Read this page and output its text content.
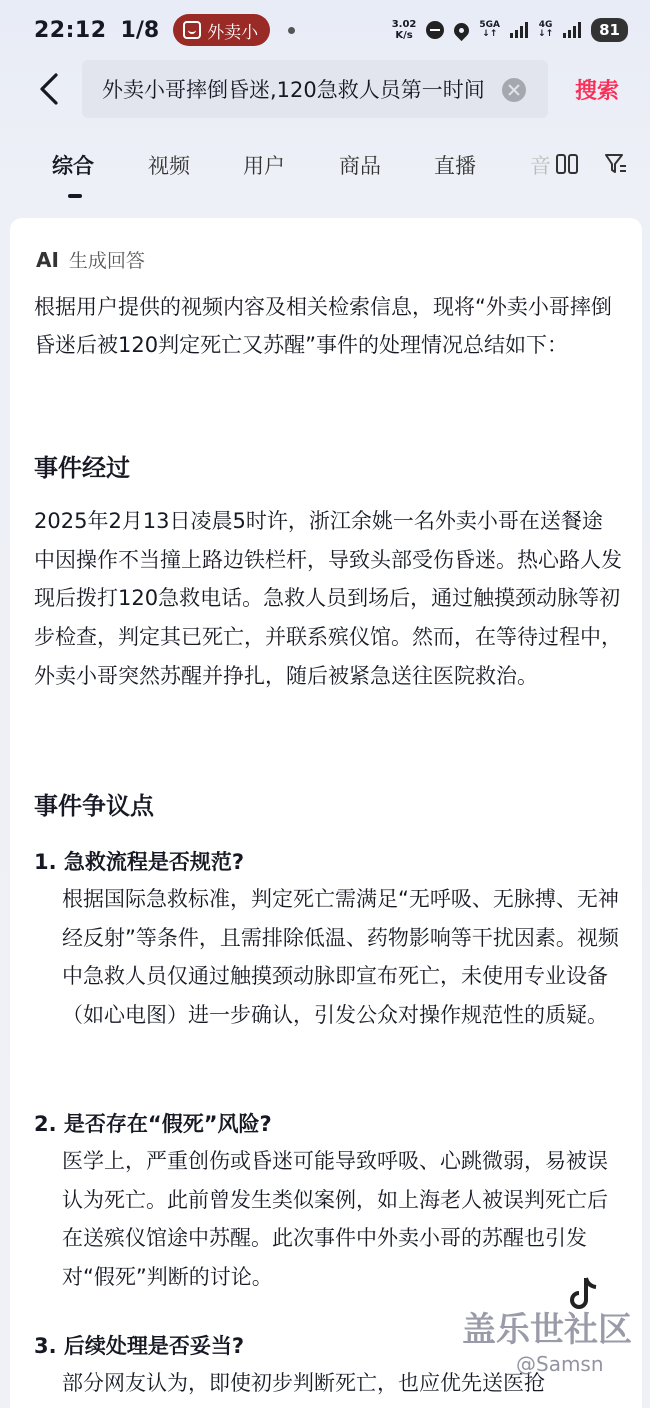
22:12 1/8	外卖小	3.02
K/s
5GA
↓↑
4G
↓↑	81
外卖小哥摔倒昏迷,120急救人员第一时间	搜索
综合	视频	用户	商品	直播	音
AI 生成回答
根据用户提供的视频内容及相关检索信息，现将“外卖小哥摔倒昏迷后被120判定死亡又苏醒”事件的处理情况总结如下：
事件经过
2025年2月13日凌晨5时许，浙江余姚一名外卖小哥在送餐途中因操作不当撞上路边铁栏杆，导致头部受伤昏迷。热心路人发现后拨打120急救电话。急救人员到场后，通过触摸颈动脉等初步检查，判定其已死亡，并联系殡仪馆。然而，在等待过程中，外卖小哥突然苏醒并挣扎，随后被紧急送往医院救治。
事件争议点
1. 急救流程是否规范?
根据国际急救标准，判定死亡需满足“无呼吸、无脉搏、无神经反射”等条件，且需排除低温、药物影响等干扰因素。视频中急救人员仅通过触摸颈动脉即宣布死亡，未使用专业设备（如心电图）进一步确认，引发公众对操作规范性的质疑。
2. 是否存在“假死”风险?
医学上，严重创伤或昏迷可能导致呼吸、心跳微弱，易被误认为死亡。此前曾发生类似案例，如上海老人被误判死亡后在送殡仪馆途中苏醒。此次事件中外卖小哥的苏醒也引发对“假死”判断的讨论。
3. 后续处理是否妥当?
部分网友认为，即使初步判断死亡，也应优先送医抢
盖乐世社区
@Samsn
